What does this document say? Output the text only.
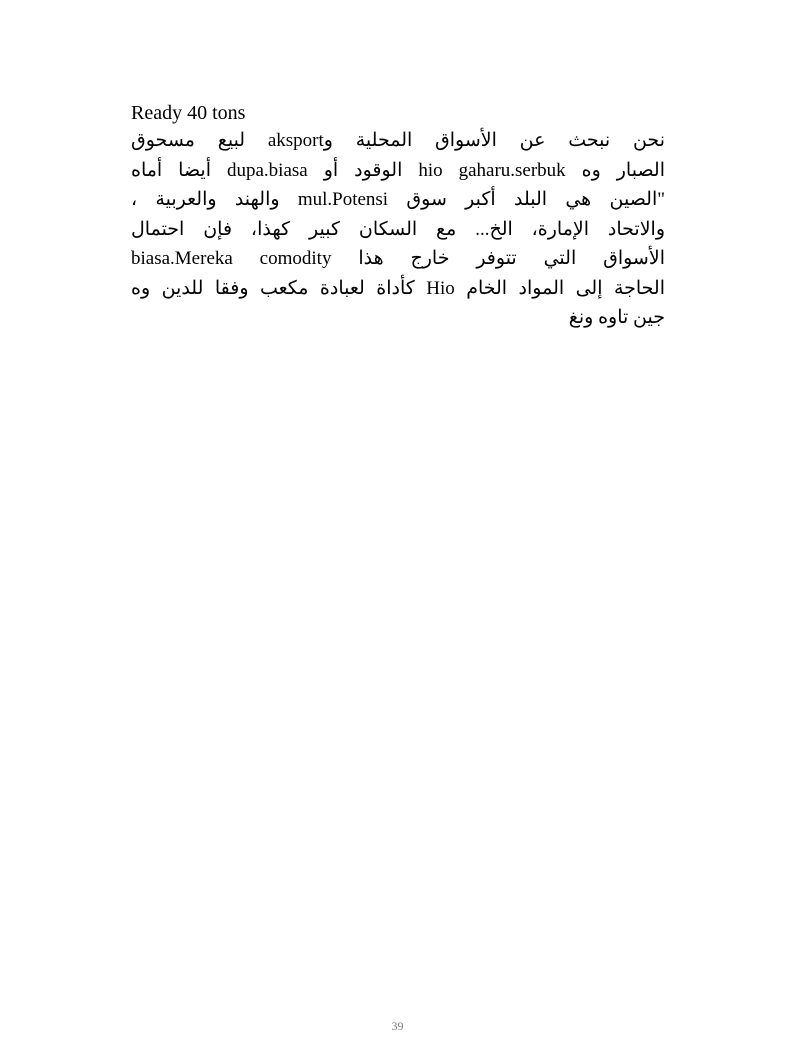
Ready 40 tons

نحن نبحث عن الأسواق المحلية وaksport لبيع مسحوق
الصبار وه hio gaharu.serbuk الوقود أو dupa.biasa أيضا أماه
"الصين هي البلد أكبر سوق mul.Potensi والهند والعربية ،
والاتحاد الإمارة، الخ... مع السكان كبير كهذا، فإن احتمال
الأسواق التي تتوفر خارج هذا biasa.Mereka comodity
الحاجة إلى المواد الخام Hio كأداة لعبادة مكعب وفقا للدين وه
جين تاوه ونغ
39
